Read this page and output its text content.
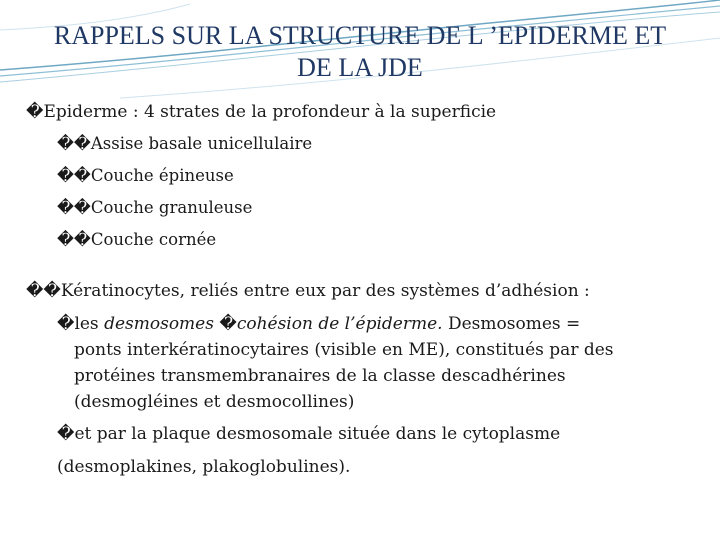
RAPPELS SUR LA STRUCTURE DE L ’EPIDERME ET
DE LA JDE
�Epiderme : 4 strates de la profondeur à la superficie
��Assise basale unicellulaire
��Couche épineuse
��Couche granuleuse
��Couche cornée
��Kératinocytes, reliés entre eux par des systèmes d’adhésion :
�les desmosomes �cohésion de l’épiderme. Desmosomes =
ponts interkératinocytaires (visible en ME), constitués par des
protéines transmembranaires de la classe descadhérines
(desmogléines et desmocollines)
�et par la plaque desmosomale située dans le cytoplasme
(desmoplakines, plakoglobulines).
